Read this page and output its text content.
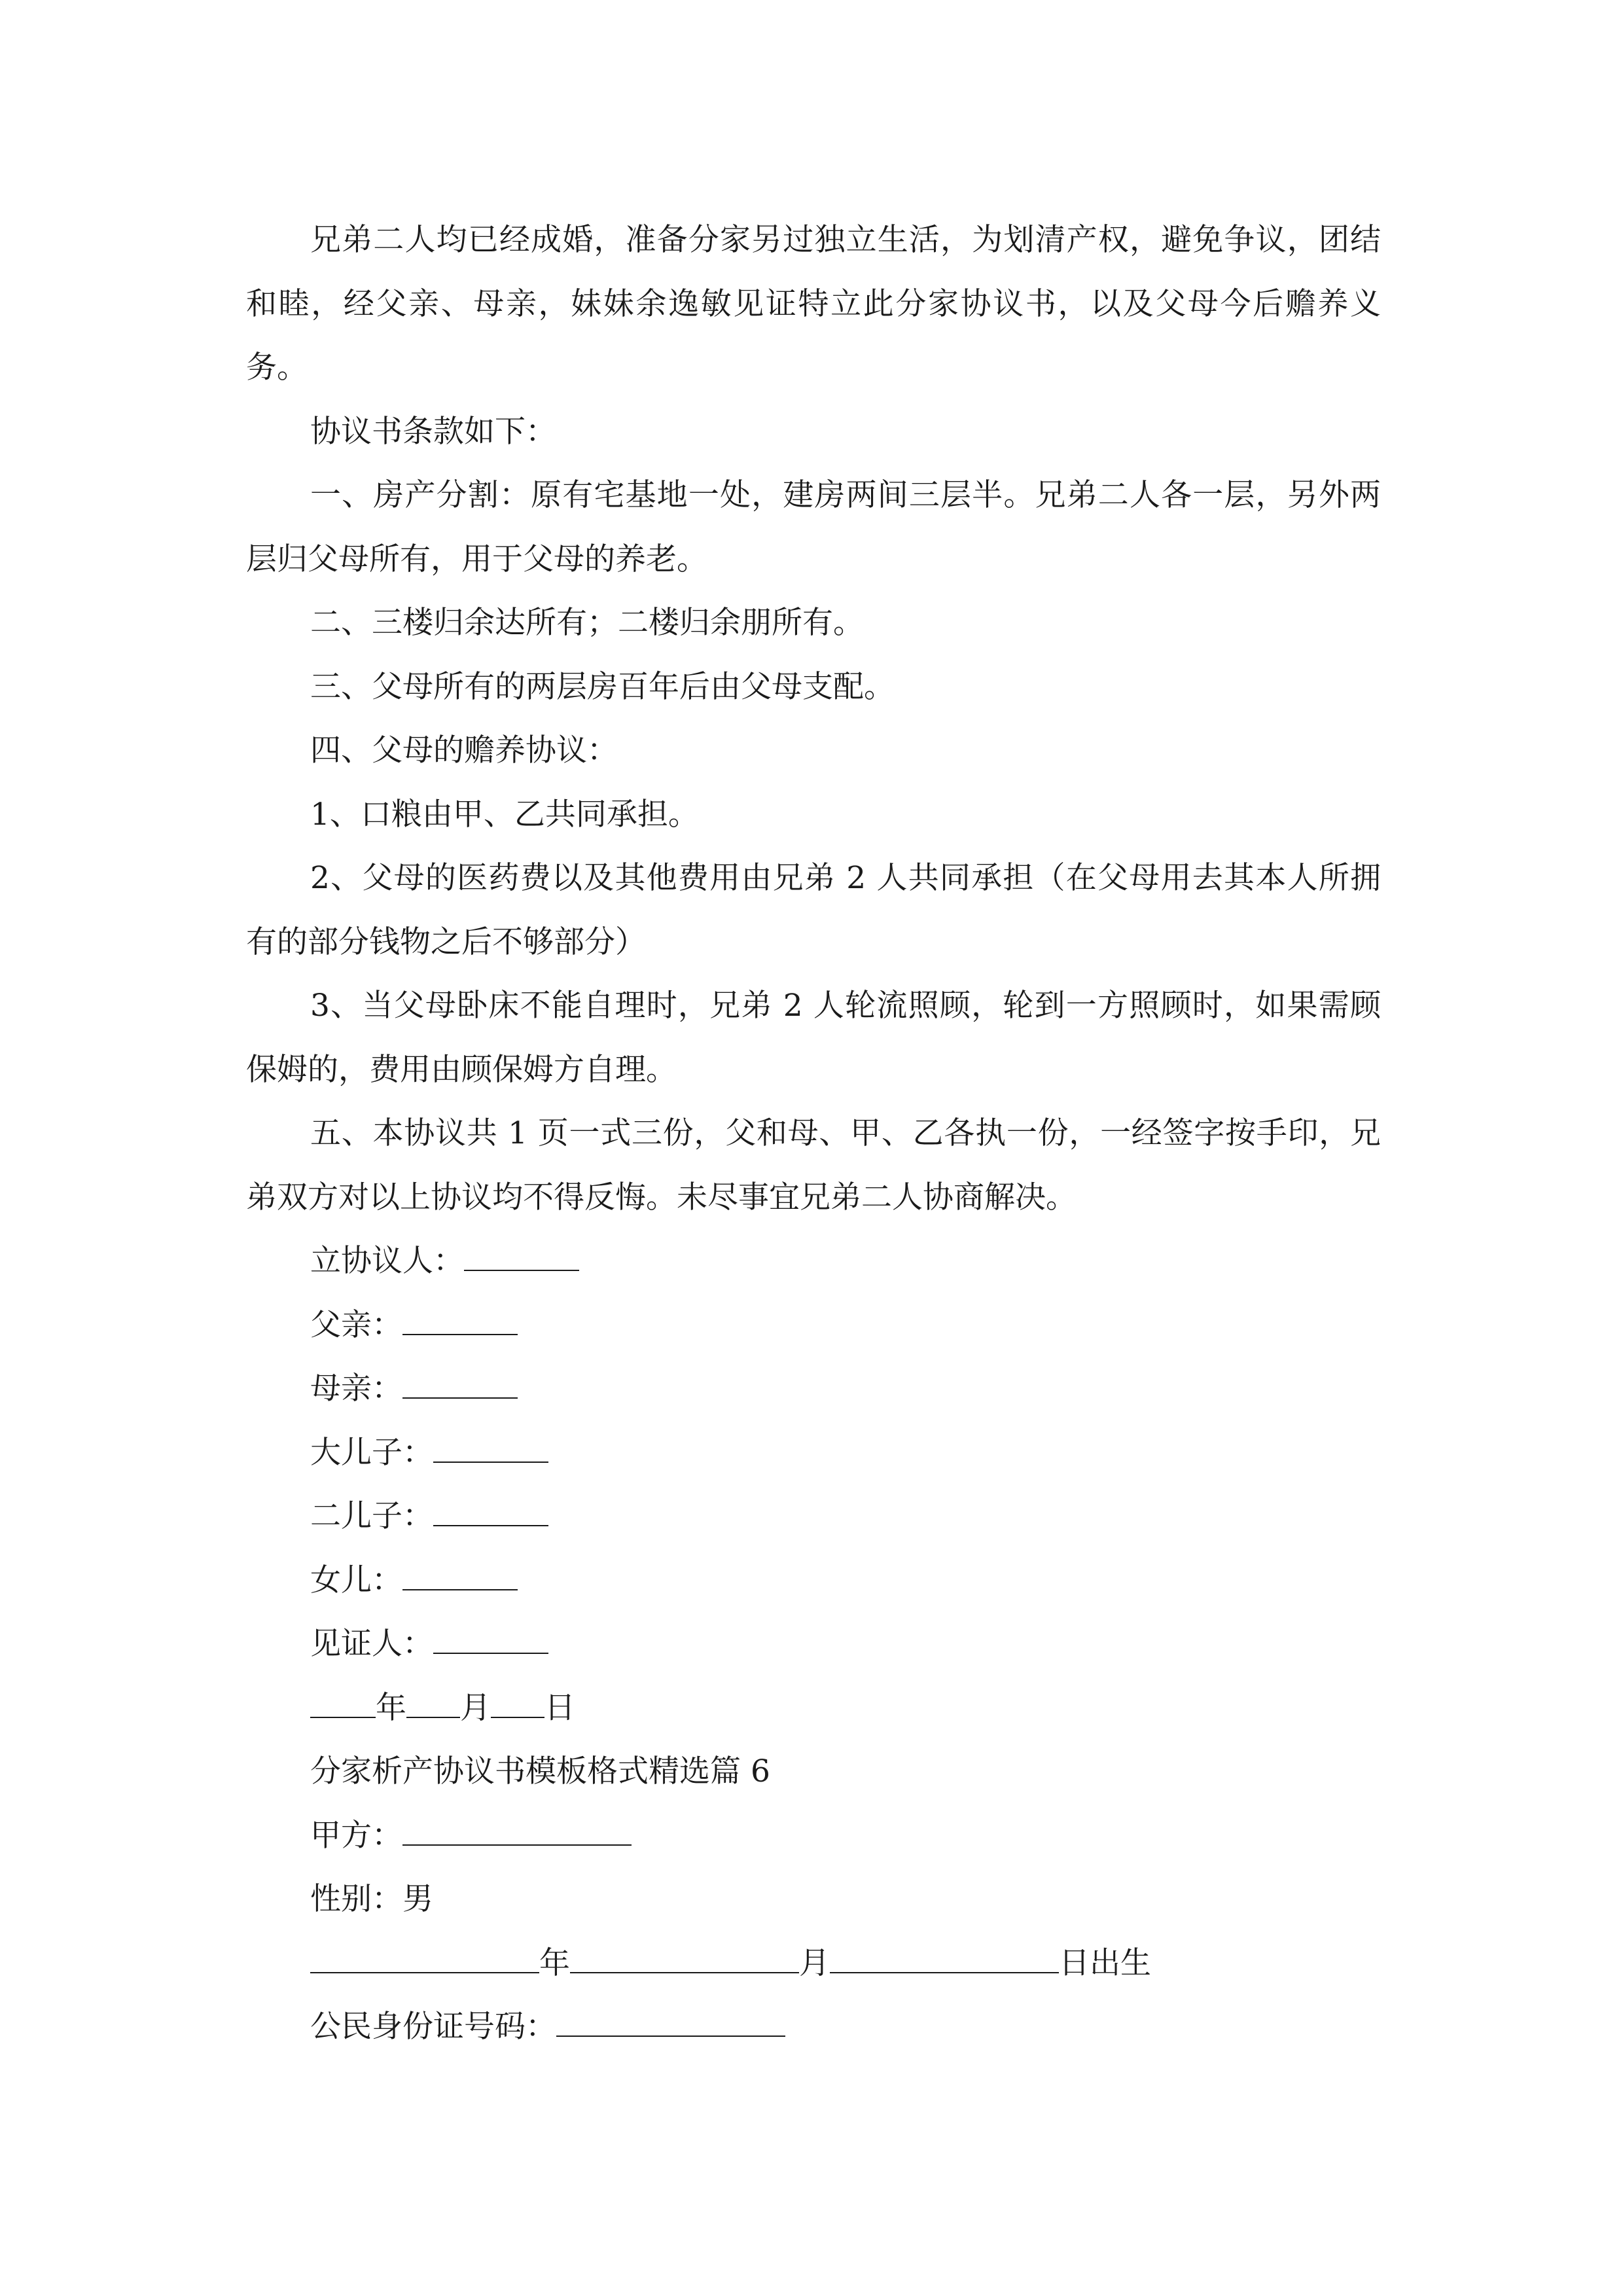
兄弟二人均已经成婚，准备分家另过独立生活，为划清产权，避免争议，团结和睦，经父亲、母亲，妹妹余逸敏见证特立此分家协议书，以及父母今后赡养义务。

协议书条款如下：

一、房产分割：原有宅基地一处，建房两间三层半。兄弟二人各一层，另外两层归父母所有，用于父母的养老。

二、三楼归余达所有；二楼归余朋所有。

三、父母所有的两层房百年后由父母支配。

四、父母的赡养协议：

1、口粮由甲、乙共同承担。

2、父母的医药费以及其他费用由兄弟 2 人共同承担（在父母用去其本人所拥有的部分钱物之后不够部分）

3、当父母卧床不能自理时，兄弟 2 人轮流照顾，轮到一方照顾时，如果需顾保姆的，费用由顾保姆方自理。

五、本协议共 1 页一式三份，父和母、甲、乙各执一份，一经签字按手印，兄弟双方对以上协议均不得反悔。未尽事宜兄弟二人协商解决。

立协议人：

父亲：

母亲：

大儿子：

二儿子：

女儿：

见证人：

年 月 日

分家析产协议书模板格式精选篇 6

甲方：

性别：男

年	月	日出生

公民身份证号码：
